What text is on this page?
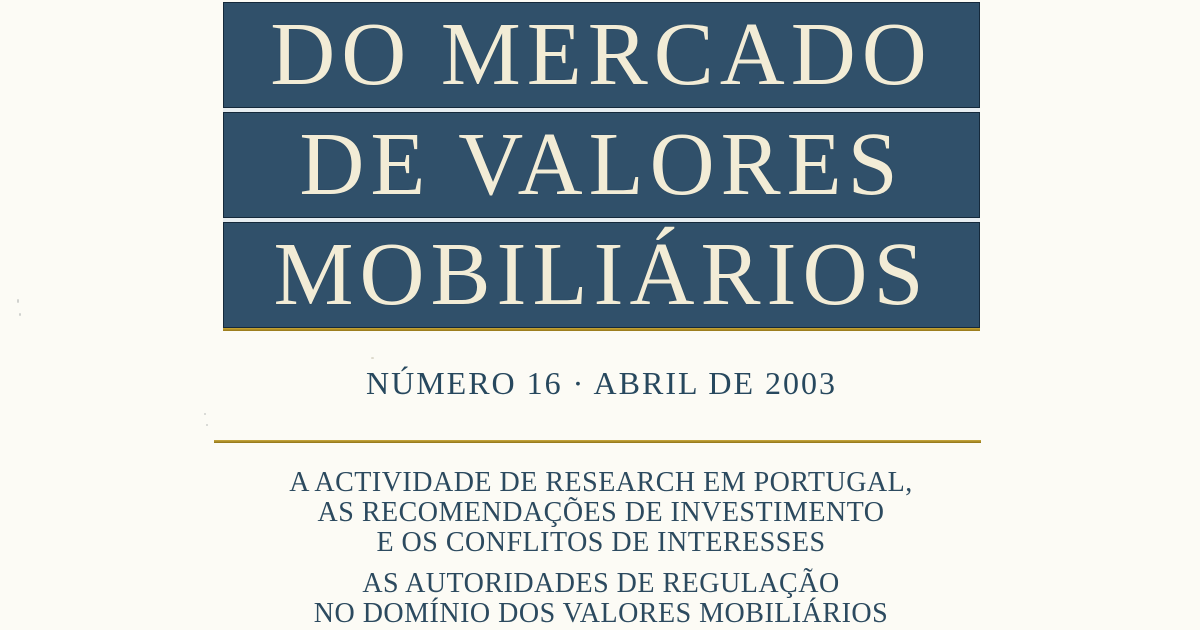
DO MERCADO
DE VALORES
MOBILIÁRIOS
NÚMERO 16 · ABRIL DE 2003
A ACTIVIDADE DE RESEARCH EM PORTUGAL,
AS RECOMENDAÇÕES DE INVESTIMENTO
E OS CONFLITOS DE INTERESSES
AS AUTORIDADES DE REGULAÇÃO
NO DOMÍNIO DOS VALORES MOBILIÁRIOS
